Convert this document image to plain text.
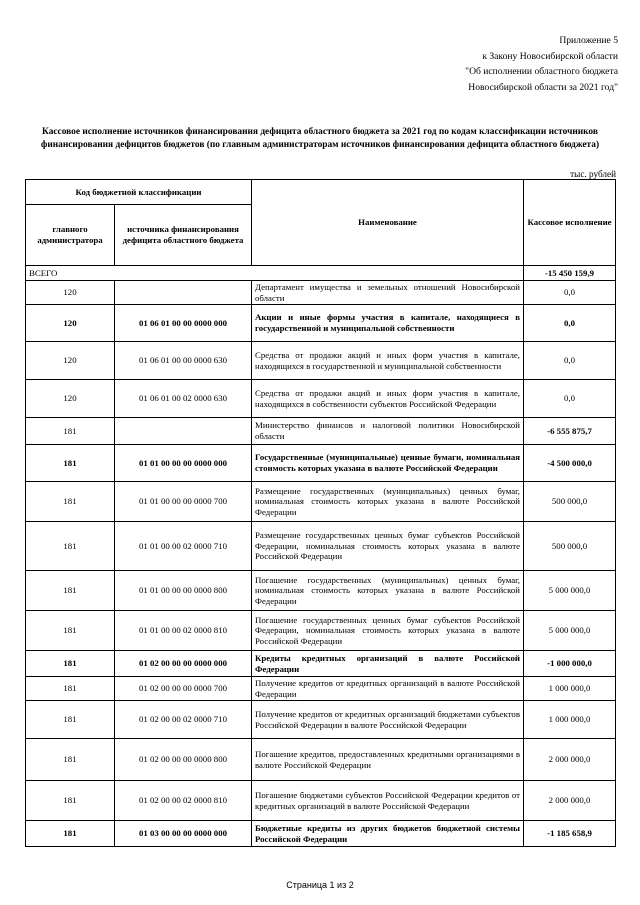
Приложение 5
к Закону Новосибирской области
"Об исполнении областного бюджета
Новосибирской области за 2021 год"
Кассовое исполнение источников финансирования дефицита областного бюджета за 2021 год по кодам классификации источников финансирования дефицитов бюджетов (по главным администраторам источников финансирования дефицита областного бюджета)
тыс. рублей
Код бюджетной классификации		Наименование	Кассовое исполнение
главного администратора	источника финансирования дефицита областного бюджета		
ВСЕГО			-15 450 159,9
120		Департамент имущества и земельных отношений Новосибирской области	0,0
120	01 06 01 00 00 0000 000	Акции и иные формы участия в капитале, находящиеся в государственной и муниципальной собственности	0,0
120	01 06 01 00 00 0000 630	Средства от продажи акций и иных форм участия в капитале, находящихся в государственной и муниципальной собственности	0,0
120	01 06 01 00 02 0000 630	Средства от продажи акций и иных форм участия в капитале, находящихся в собственности субъектов Российской Федерации	0,0
181		Министерство финансов и налоговой политики Новосибирской области	-6 555 875,7
181	01 01 00 00 00 0000 000	Государственные (муниципальные) ценные бумаги, номинальная стоимость которых указана в валюте Российской Федерации	-4 500 000,0
181	01 01 00 00 00 0000 700	Размещение государственных (муниципальных) ценных бумаг, номинальная стоимость которых указана в валюте Российской Федерации	500 000,0
181	01 01 00 00 02 0000 710	Размещение государственных ценных бумаг субъектов Российской Федерации, номинальная стоимость которых указана в валюте Российской Федерации	500 000,0
181	01 01 00 00 00 0000 800	Погашение государственных (муниципальных) ценных бумаг, номинальная стоимость которых указана в валюте Российской Федерации	5 000 000,0
181	01 01 00 00 02 0000 810	Погашение государственных ценных бумаг субъектов Российской Федерации, номинальная стоимость которых указана в валюте Российской Федерации	5 000 000,0
181	01 02 00 00 00 0000 000	Кредиты кредитных организаций в валюте Российской Федерации	-1 000 000,0
181	01 02 00 00 00 0000 700	Получение кредитов от кредитных организаций в валюте Российской Федерации	1 000 000,0
181	01 02 00 00 02 0000 710	Получение кредитов от кредитных организаций бюджетами субъектов Российской Федерации в валюте Российской Федерации	1 000 000,0
181	01 02 00 00 00 0000 800	Погашение кредитов, предоставленных кредитными организациями в валюте Российской Федерации	2 000 000,0
181	01 02 00 00 02 0000 810	Погашение бюджетами субъектов Российской Федерации кредитов от кредитных организаций в валюте Российской Федерации	2 000 000,0
181	01 03 00 00 00 0000 000	Бюджетные кредиты из других бюджетов бюджетной системы Российской Федерации	-1 185 658,9
Страница 1 из 2
